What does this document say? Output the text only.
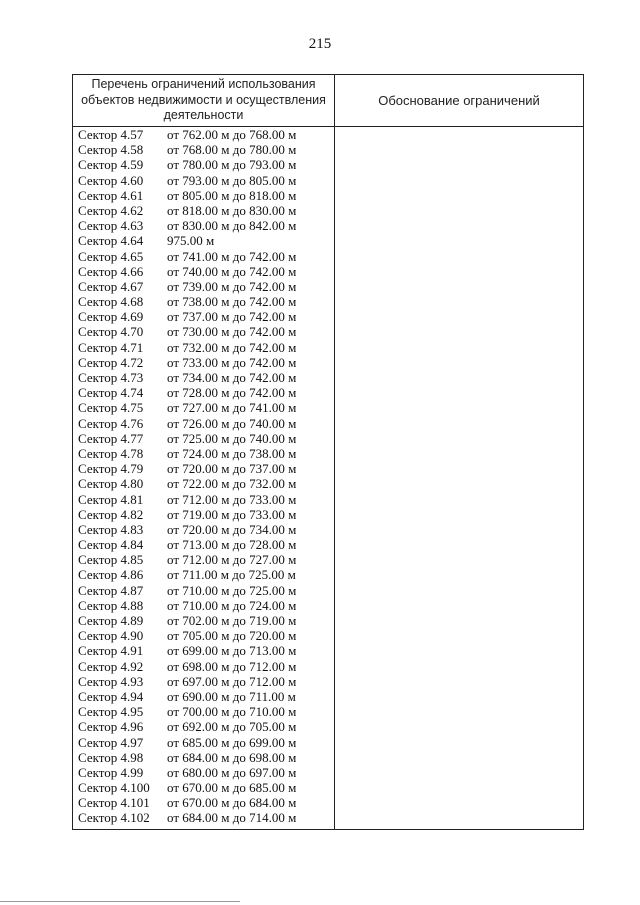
215
Перечень ограничений использования
объектов недвижимости и осуществления
деятельности
Обоснование ограничений
Сектор 4.57 от 762.00 м до 768.00 м
Сектор 4.58 от 768.00 м до 780.00 м
Сектор 4.59 от 780.00 м до 793.00 м
Сектор 4.60 от 793.00 м до 805.00 м
Сектор 4.61 от 805.00 м до 818.00 м
Сектор 4.62 от 818.00 м до 830.00 м
Сектор 4.63 от 830.00 м до 842.00 м
Сектор 4.64 975.00 м
Сектор 4.65 от 741.00 м до 742.00 м
Сектор 4.66 от 740.00 м до 742.00 м
Сектор 4.67 от 739.00 м до 742.00 м
Сектор 4.68 от 738.00 м до 742.00 м
Сектор 4.69 от 737.00 м до 742.00 м
Сектор 4.70 от 730.00 м до 742.00 м
Сектор 4.71 от 732.00 м до 742.00 м
Сектор 4.72 от 733.00 м до 742.00 м
Сектор 4.73 от 734.00 м до 742.00 м
Сектор 4.74 от 728.00 м до 742.00 м
Сектор 4.75 от 727.00 м до 741.00 м
Сектор 4.76 от 726.00 м до 740.00 м
Сектор 4.77 от 725.00 м до 740.00 м
Сектор 4.78 от 724.00 м до 738.00 м
Сектор 4.79 от 720.00 м до 737.00 м
Сектор 4.80 от 722.00 м до 732.00 м
Сектор 4.81 от 712.00 м до 733.00 м
Сектор 4.82 от 719.00 м до 733.00 м
Сектор 4.83 от 720.00 м до 734.00 м
Сектор 4.84 от 713.00 м до 728.00 м
Сектор 4.85 от 712.00 м до 727.00 м
Сектор 4.86 от 711.00 м до 725.00 м
Сектор 4.87 от 710.00 м до 725.00 м
Сектор 4.88 от 710.00 м до 724.00 м
Сектор 4.89 от 702.00 м до 719.00 м
Сектор 4.90 от 705.00 м до 720.00 м
Сектор 4.91 от 699.00 м до 713.00 м
Сектор 4.92 от 698.00 м до 712.00 м
Сектор 4.93 от 697.00 м до 712.00 м
Сектор 4.94 от 690.00 м до 711.00 м
Сектор 4.95 от 700.00 м до 710.00 м
Сектор 4.96 от 692.00 м до 705.00 м
Сектор 4.97 от 685.00 м до 699.00 м
Сектор 4.98 от 684.00 м до 698.00 м
Сектор 4.99 от 680.00 м до 697.00 м
Сектор 4.100 от 670.00 м до 685.00 м
Сектор 4.101 от 670.00 м до 684.00 м
Сектор 4.102 от 684.00 м до 714.00 м
